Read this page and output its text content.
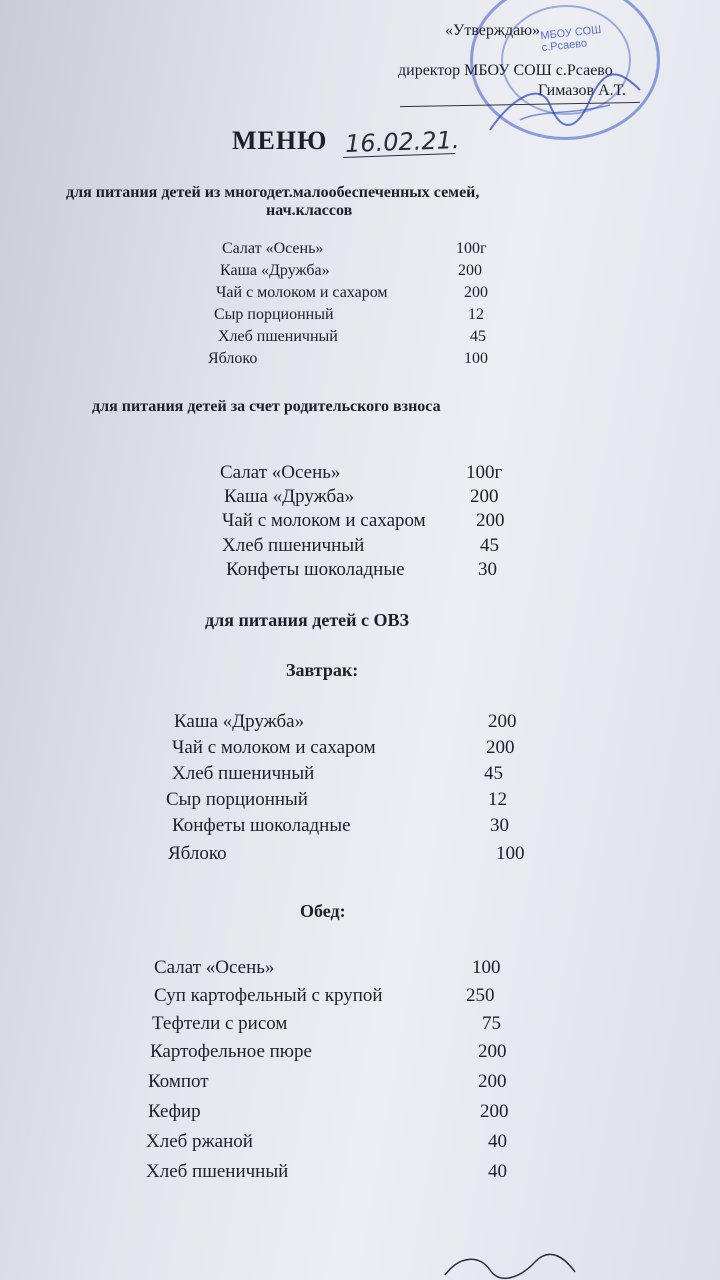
МБОУ СОШ
с.Рсаево
«Утверждаю»
директор МБОУ СОШ с.Рсаево
Гимазов А.Т.
МЕНЮ 16.02.21.
для питания детей из многодет.малообеспеченных семей,
нач.классов
Салат «Осень»	100г
Каша «Дружба»	200
Чай с молоком и сахаром	200
Сыр порционный	12
Хлеб пшеничный	45
Яблоко	100
для питания детей за счет родительского взноса
Салат «Осень»	100г
Каша «Дружба»	200
Чай с молоком и сахаром	200
Хлеб пшеничный	45
Конфеты шоколадные	30
для питания детей с ОВЗ
Завтрак:
Каша «Дружба»	200
Чай с молоком и сахаром	200
Хлеб пшеничный	45
Сыр порционный	12
Конфеты шоколадные	30
Яблоко	100
Обед:
Салат «Осень»	100
Суп картофельный с крупой	250
Тефтели с рисом	75
Картофельное пюре	200
Компот	200
Кефир	200
Хлеб ржаной	40
Хлеб пшеничный	40
